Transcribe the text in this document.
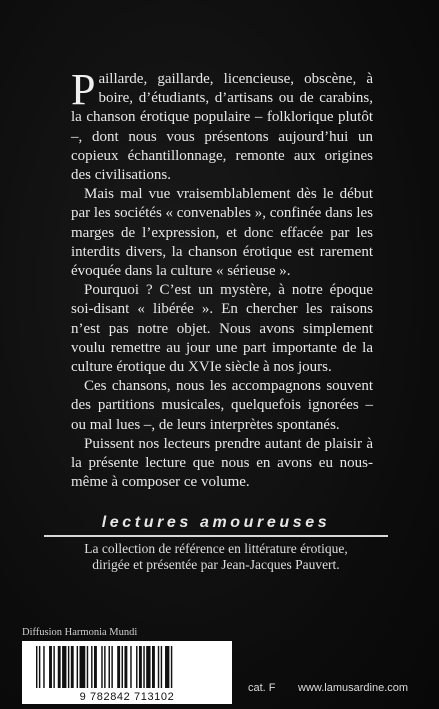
Paillarde, gaillarde, licencieuse, obscène, à boire, d’étudiants, d’artisans ou de carabins, la chanson érotique populaire – folklorique plutôt –, dont nous vous présentons aujourd’hui un copieux échantillonnage, remonte aux origines des civilisations.

Mais mal vue vraisemblablement dès le début par les sociétés « convenables », confinée dans les marges de l’expression, et donc effacée par les interdits divers, la chanson érotique est rarement évoquée dans la culture « sérieuse ».

Pourquoi ? C’est un mystère, à notre époque soi-disant « libérée ». En chercher les raisons n’est pas notre objet. Nous avons simplement voulu remettre au jour une part importante de la culture érotique du XVIe siècle à nos jours.

Ces chansons, nous les accompagnons souvent des partitions musicales, quelquefois ignorées – ou mal lues –, de leurs interprètes spontanés.

Puissent nos lecteurs prendre autant de plaisir à la présente lecture que nous en avons eu nous-même à composer ce volume.

lectures amoureuses
La collection de référence en littérature érotique,
dirigée et présentée par Jean-Jacques Pauvert.
Diffusion Harmonia Mundi
9 782842 713102
cat. F www.lamusardine.com
